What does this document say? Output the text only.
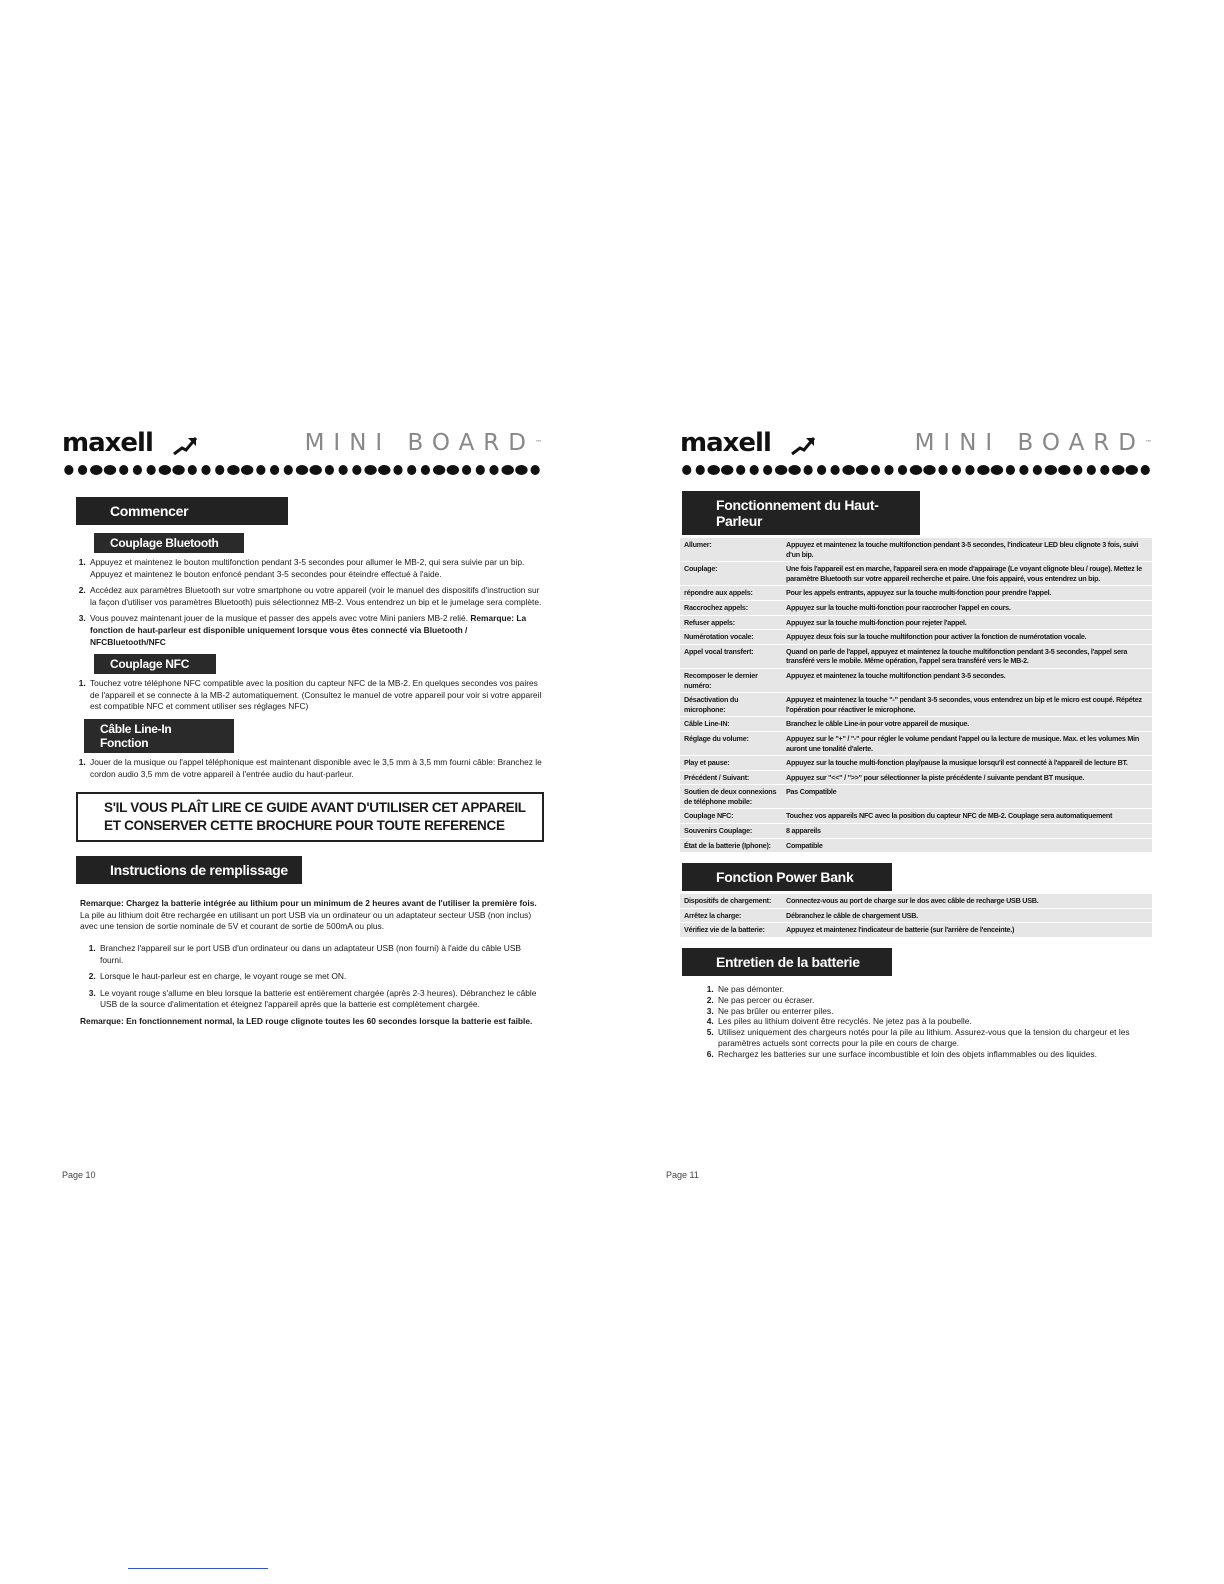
maxell	MINI BOARD™
Commencer
Couplage Bluetooth
1. Appuyez et maintenez le bouton multifonction pendant 3-5 secondes pour allumer le MB-2, qui sera suivie par un bip. Appuyez et maintenez le bouton enfoncé pendant 3-5 secondes pour éteindre effectué à l'aide.
2. Accédez aux paramètres Bluetooth sur votre smartphone ou votre appareil (voir le manuel des dispositifs d'instruction sur la façon d'utiliser vos paramètres Bluetooth) puis sélectionnez MB-2. Vous entendrez un bip et le jumelage sera complète.
3. Vous pouvez maintenant jouer de la musique et passer des appels avec votre Mini paniers MB-2 relié. Remarque: La fonction de haut-parleur est disponible uniquement lorsque vous êtes connecté via Bluetooth / NFCBluetooth/NFC
Couplage NFC
1. Touchez votre téléphone NFC compatible avec la position du capteur NFC de la MB-2. En quelques secondes vos paires de l'appareil et se connecte à la MB-2 automatiquement. (Consultez le manuel de votre appareil pour voir si votre appareil est compatible NFC et comment utiliser ses réglages NFC)
Câble Line-In Fonction
1. Jouer de la musique ou l'appel téléphonique est maintenant disponible avec le 3,5 mm à 3,5 mm fourni câble: Branchez le cordon audio 3,5 mm de votre appareil à l'entrée audio du haut-parleur.
S'IL VOUS PLAÎT LIRE CE GUIDE AVANT D'UTILISER CET APPAREIL
ET CONSERVER CETTE BROCHURE POUR TOUTE REFERENCE
Instructions de remplissage
Remarque: Chargez la batterie intégrée au lithium pour un minimum de 2 heures avant de l'utiliser la première fois. La pile au lithium doit être rechargée en utilisant un port USB via un ordinateur ou un adaptateur secteur USB (non inclus) avec une tension de sortie nominale de 5V et courant de sortie de 500mA ou plus.
1. Branchez l'appareil sur le port USB d'un ordinateur ou dans un adaptateur USB (non fourni) à l'aide du câble USB fourni.
2. Lorsque le haut-parleur est en charge, le voyant rouge se met ON.
3. Le voyant rouge s'allume en bleu lorsque la batterie est entièrement chargée (après 2-3 heures). Débranchez le câble USB de la source d'alimentation et éteignez l'appareil après que la batterie est complètement chargée.
Remarque: En fonctionnement normal, la LED rouge clignote toutes les 60 secondes lorsque la batterie est faible.
Page 10
maxell	MINI BOARD™
Fonctionnement du Haut-Parleur
Allumer:	Appuyez et maintenez la touche multifonction pendant 3-5 secondes, l'indicateur LED bleu clignote 3 fois, suivi d'un bip.
Couplage:	Une fois l'appareil est en marche, l'appareil sera en mode d'appairage (Le voyant clignote bleu / rouge). Mettez le paramètre Bluetooth sur votre appareil recherche et paire. Une fois appairé, vous entendrez un bip.
répondre aux appels:	Pour les appels entrants, appuyez sur la touche multi-fonction pour prendre l'appel.
Raccrochez appels:	Appuyez sur la touche multi-fonction pour raccrocher l'appel en cours.
Refuser appels:	Appuyez sur la touche multi-fonction pour rejeter l'appel.
Numérotation vocale:	Appuyez deux fois sur la touche multifonction pour activer la fonction de numérotation vocale.
Appel vocal transfert:	Quand on parle de l'appel, appuyez et maintenez la touche multifonction pendant 3-5 secondes, l'appel sera transféré vers le mobile. Même opération, l'appel sera transféré vers le MB-2.
Recomposer le dernier numéro:	Appuyez et maintenez la touche multifonction pendant 3-5 secondes.
Désactivation du microphone:	Appuyez et maintenez la touche "-" pendant 3-5 secondes, vous entendrez un bip et le micro est coupé. Répétez l'opération pour réactiver le microphone.
Câble Line-IN:	Branchez le câble Line-in pour votre appareil de musique.
Réglage du volume:	Appuyez sur le "+" / "-" pour régler le volume pendant l'appel ou la lecture de musique. Max. et les volumes Min auront une tonalité d'alerte.
Play et pause:	Appuyez sur la touche multi-fonction play/pause la musique lorsqu'il est connecté à l'appareil de lecture BT.
Précédent / Suivant:	Appuyez sur "<<" / ">>" pour sélectionner la piste précédente / suivante pendant BT musique.
Soutien de deux connexions de téléphone mobile:	Pas Compatible
Couplage NFC:	Touchez vos appareils NFC avec la position du capteur NFC de MB-2. Couplage sera automatiquement
Souvenirs Couplage:	8 appareils
État de la batterie (Iphone):	Compatible
Fonction Power Bank
Dispositifs de chargement:	Connectez-vous au port de charge sur le dos avec câble de recharge USB USB.
Arrêtez la charge:	Débranchez le câble de chargement USB.
Vérifiez vie de la batterie:	Appuyez et maintenez l'indicateur de batterie (sur l'arrière de l'enceinte.)
Entretien de la batterie
1. Ne pas démonter.
2. Ne pas percer ou écraser.
3. Ne pas brûler ou enterrer piles.
4. Les piles au lithium doivent être recyclés. Ne jetez pas à la poubelle.
5. Utilisez uniquement des chargeurs notés pour la pile au lithium. Assurez-vous que la tension du chargeur et les paramètres actuels sont corrects pour la pile en cours de charge.
6. Rechargez les batteries sur une surface incombustible et loin des objets inflammables ou des liquides.
Page 11
